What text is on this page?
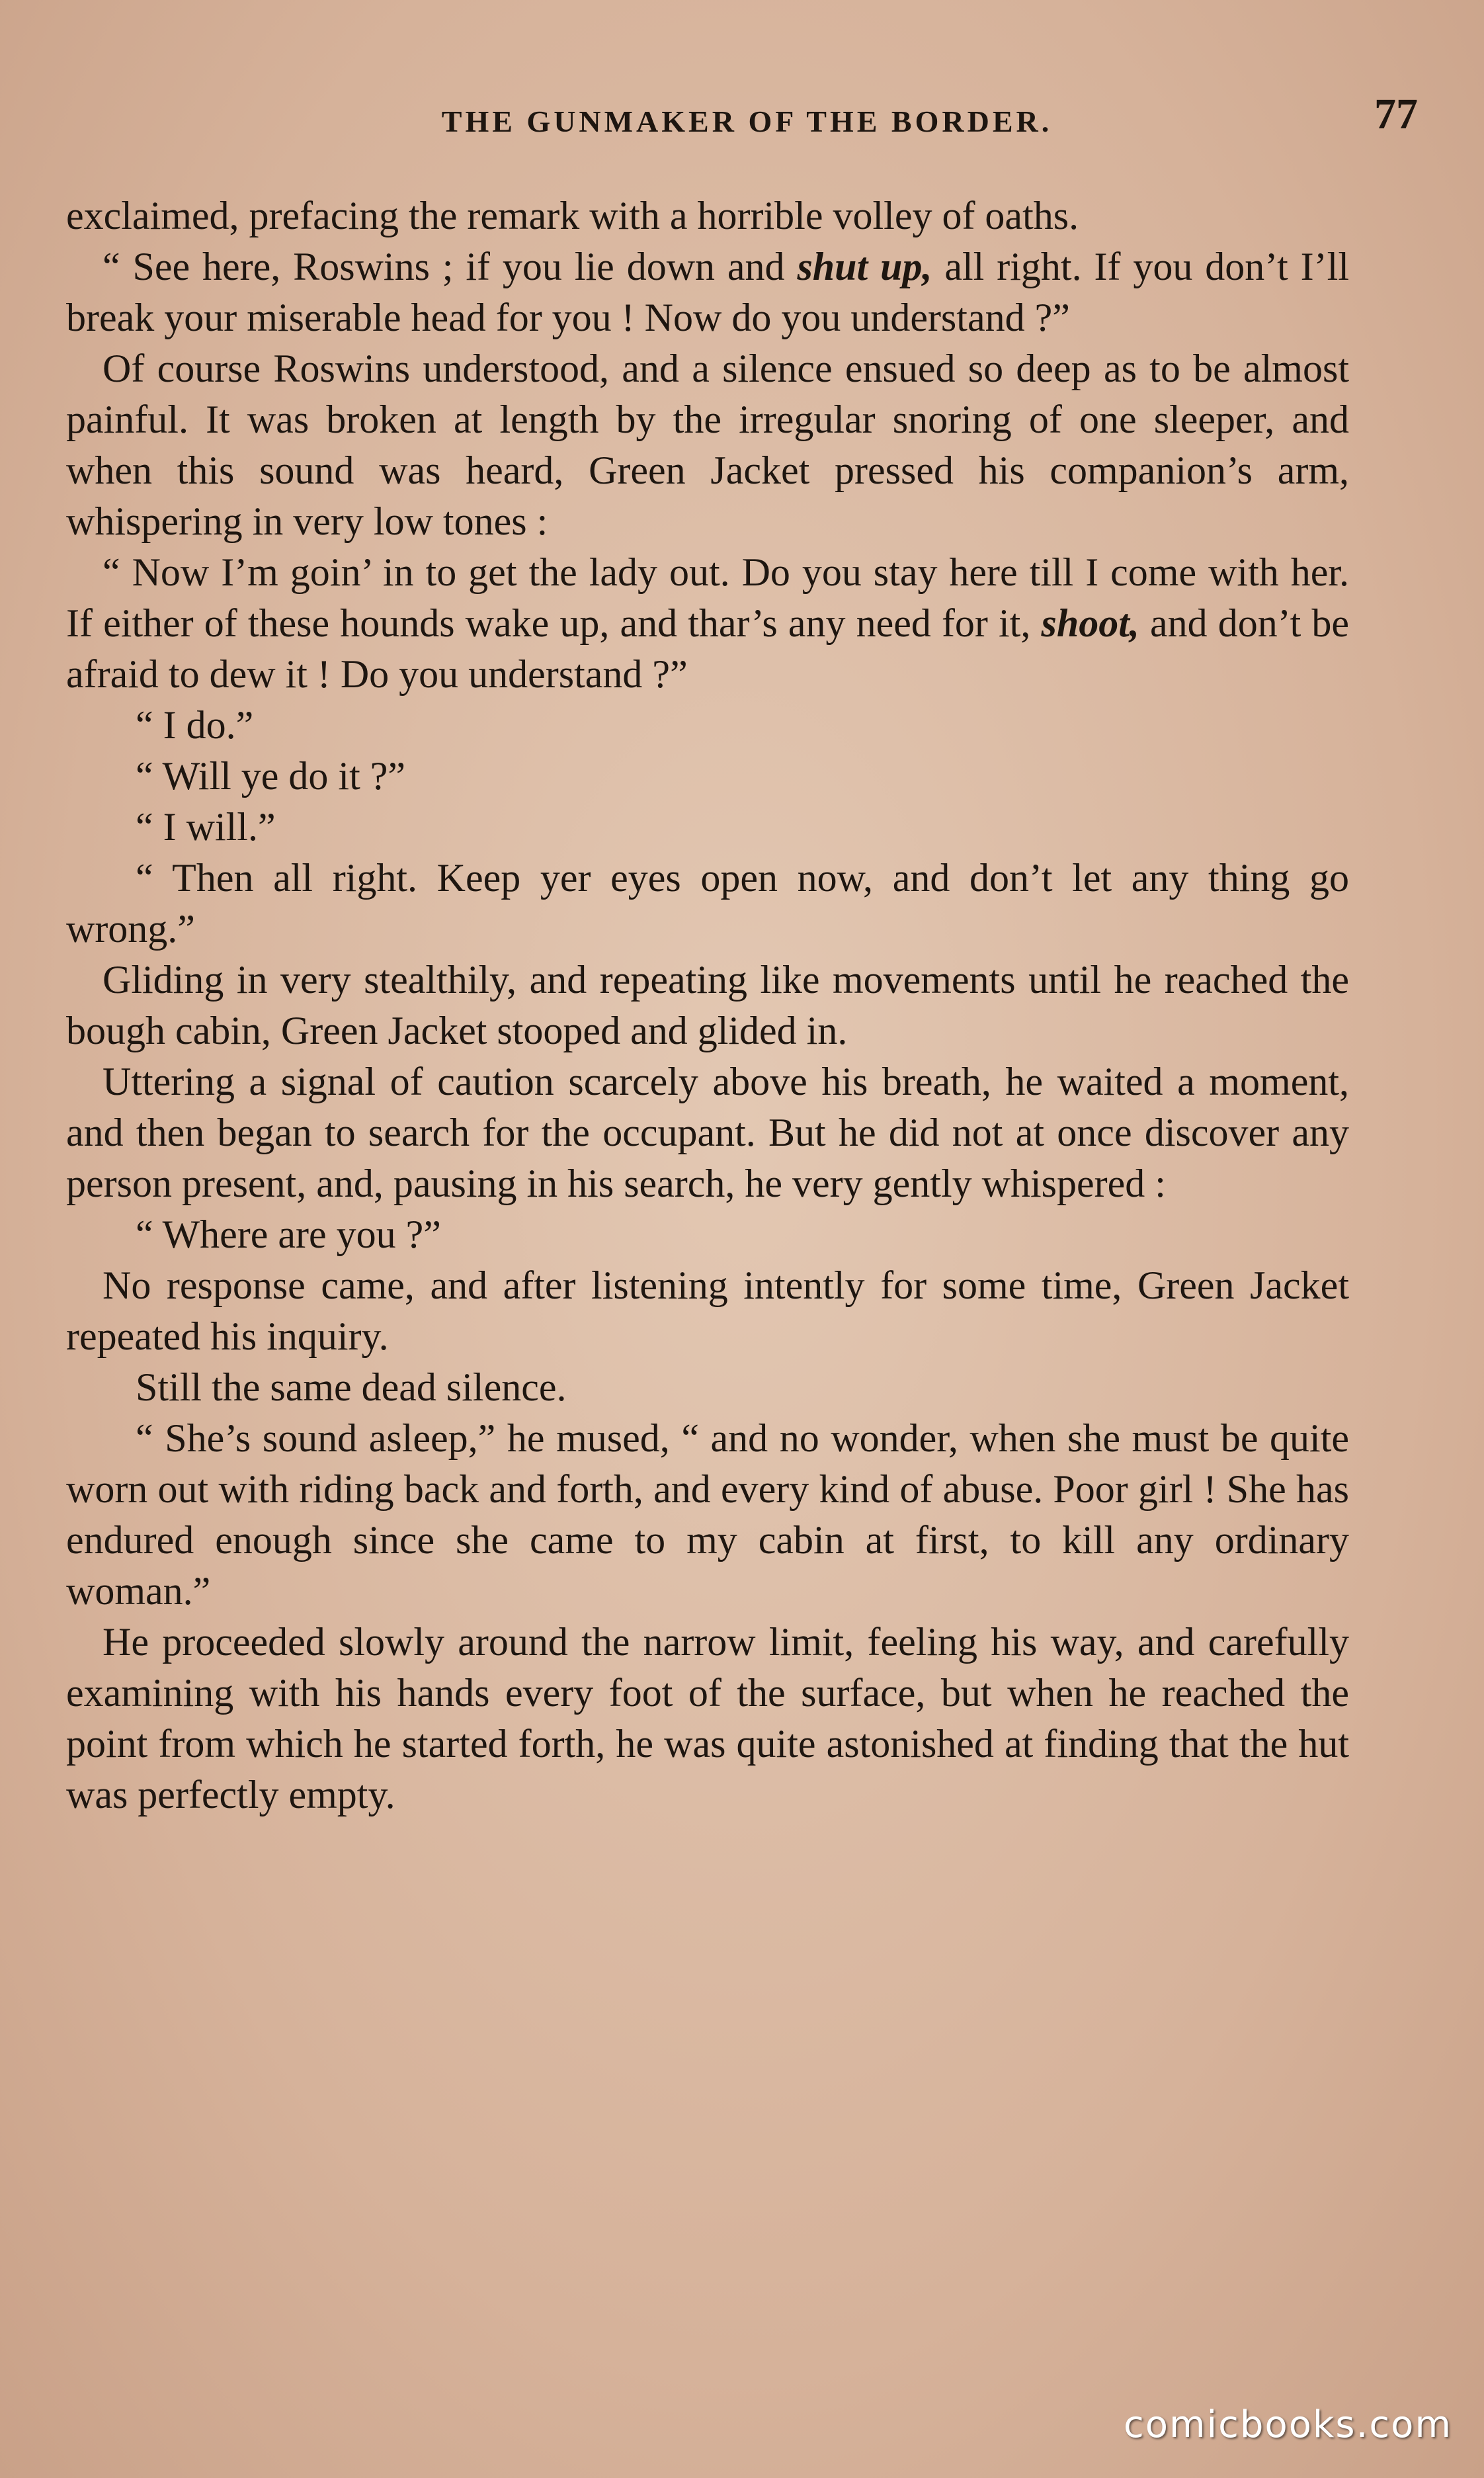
THE GUNMAKER OF THE BORDER.	77

exclaimed, prefacing the remark with a horrible volley of oaths.

“ See here, Roswins ; if you lie down and shut up, all right. If you don’t I’ll break your miserable head for you ! Now do you understand ?”

Of course Roswins understood, and a silence ensued so deep as to be almost painful. It was broken at length by the irregular snoring of one sleeper, and when this sound was heard, Green Jacket pressed his companion’s arm, whispering in very low tones :

“ Now I’m goin’ in to get the lady out. Do you stay here till I come with her. If either of these hounds wake up, and thar’s any need for it, shoot, and don’t be afraid to dew it ! Do you understand ?”

“ I do.”

“ Will ye do it ?”

“ I will.”

“ Then all right. Keep yer eyes open now, and don’t let any thing go wrong.”

Gliding in very stealthily, and repeating like movements until he reached the bough cabin, Green Jacket stooped and glided in.

Uttering a signal of caution scarcely above his breath, he waited a moment, and then began to search for the occupant. But he did not at once discover any person present, and, pausing in his search, he very gently whispered :

“ Where are you ?”

No response came, and after listening intently for some time, Green Jacket repeated his inquiry.

Still the same dead silence.

“ She’s sound asleep,” he mused, “ and no wonder, when she must be quite worn out with riding back and forth, and every kind of abuse. Poor girl ! She has endured enough since she came to my cabin at first, to kill any ordinary woman.”

He proceeded slowly around the narrow limit, feeling his way, and carefully examining with his hands every foot of the surface, but when he reached the point from which he started forth, he was quite astonished at finding that the hut was perfectly empty.

comicbooks.com
